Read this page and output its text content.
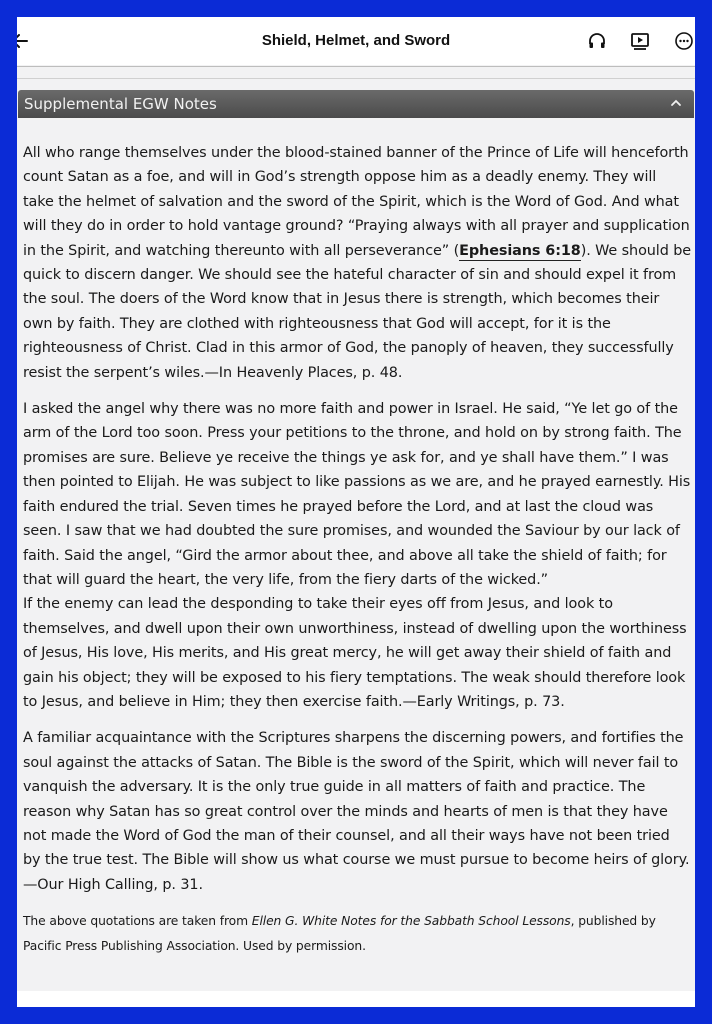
Shield, Helmet, and Sword
Supplemental EGW Notes

All who range themselves under the blood-stained banner of the Prince of Life will henceforth count Satan as a foe, and will in God’s strength oppose him as a deadly enemy. They will take the helmet of salvation and the sword of the Spirit, which is the Word of God. And what will they do in order to hold vantage ground? “Praying always with all prayer and supplication in the Spirit, and watching thereunto with all perseverance” (Ephesians 6:18). We should be quick to discern danger. We should see the hateful character of sin and should expel it from the soul. The doers of the Word know that in Jesus there is strength, which becomes their own by faith. They are clothed with righteousness that God will accept, for it is the righteousness of Christ. Clad in this armor of God, the panoply of heaven, they successfully resist the serpent’s wiles.—In Heavenly Places, p. 48.

I asked the angel why there was no more faith and power in Israel. He said, “Ye let go of the arm of the Lord too soon. Press your petitions to the throne, and hold on by strong faith. The promises are sure. Believe ye receive the things ye ask for, and ye shall have them.” I was then pointed to Elijah. He was subject to like passions as we are, and he prayed earnestly. His faith endured the trial. Seven times he prayed before the Lord, and at last the cloud was seen. I saw that we had doubted the sure promises, and wounded the Saviour by our lack of faith. Said the angel, “Gird the armor about thee, and above all take the shield of faith; for that will guard the heart, the very life, from the fiery darts of the wicked.”
If the enemy can lead the desponding to take their eyes off from Jesus, and look to themselves, and dwell upon their own unworthiness, instead of dwelling upon the worthiness of Jesus, His love, His merits, and His great mercy, he will get away their shield of faith and gain his object; they will be exposed to his fiery temptations. The weak should therefore look to Jesus, and believe in Him; they then exercise faith.—Early Writings, p. 73.

A familiar acquaintance with the Scriptures sharpens the discerning powers, and fortifies the soul against the attacks of Satan. The Bible is the sword of the Spirit, which will never fail to vanquish the adversary. It is the only true guide in all matters of faith and practice. The reason why Satan has so great control over the minds and hearts of men is that they have not made the Word of God the man of their counsel, and all their ways have not been tried by the true test. The Bible will show us what course we must pursue to become heirs of glory.—Our High Calling, p. 31.

The above quotations are taken from Ellen G. White Notes for the Sabbath School Lessons, published by Pacific Press Publishing Association. Used by permission.
